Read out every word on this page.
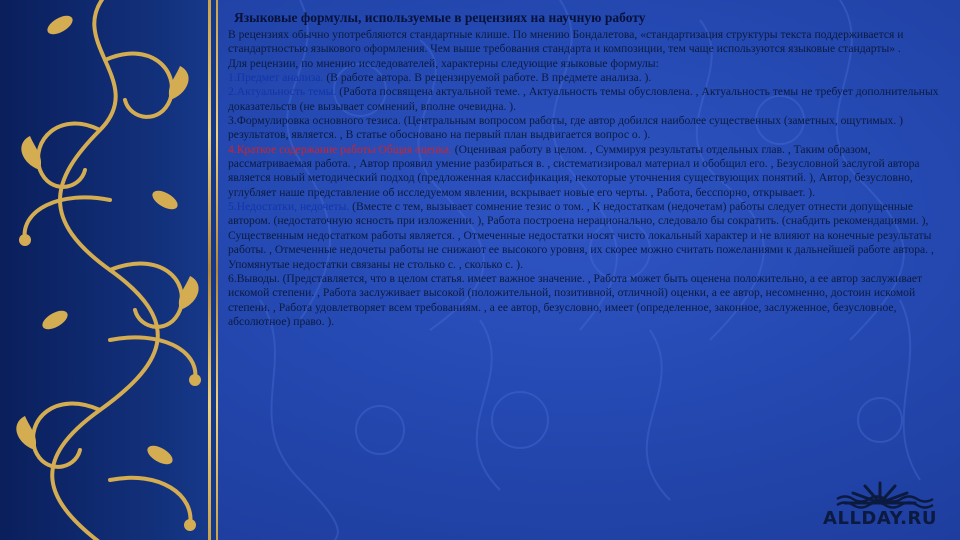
Языковые формулы, используемые в рецензиях на научную работу

В рецензиях обычно употребляются стандартные клише. По мнению Бондалетова, «стандартизация структуры текста поддерживается и стандартностью языкового оформления. Чем выше требования стандарта и композиции, тем чаще используются языковые стандарты» .

Для рецензии, по мнению исследователей, характерны следующие языковые формулы:

1.Предмет анализа. (В работе автора. В рецензируемой работе. В предмете анализа. ).

2.Актуальность темы. (Работа посвящена актуальной теме. , Актуальность темы обусловлена. , Актуальность темы не требует дополнительных доказательств (не вызывает сомнений, вполне очевидна. ).

3.Формулировка основного тезиса. (Центральным вопросом работы, где автор добился наиболее существенных (заметных, ощутимых. ) результатов, является. , В статье обосновано на первый план выдвигается вопрос о. ).

4.Краткое содержание работы Общая оценка. (Оценивая работу в целом. , Суммируя результаты отдельных глав. , Таким образом, рассматриваемая работа. , Автор проявил умение разбираться в. , систематизировал материал и обобщил его. , Безусловной заслугой автора является новый методический подход (предложенная классификация, некоторые уточнения существующих понятий. ), Автор, безусловно, углубляет наше представление об исследуемом явлении, вскрывает новые его черты. , Работа, бесспорно, открывает. ).

5.Недостатки, недочеты. (Вместе с тем, вызывает сомнение тезис о том. , К недостаткам (недочетам) работы следует отнести допущенные автором. (недостаточную ясность при изложении. ), Работа построена нерационально, следовало бы сократить. (снабдить рекомендациями. ), Существенным недостатком работы является. , Отмеченные недостатки носят чисто локальный характер и не влияют на конечные результаты работы. , Отмеченные недочеты работы не снижают ее высокого уровня, их скорее можно считать пожеланиями к дальнейшей работе автора. , Упомянутые недостатки связаны не столько с. , сколько с. ).

6.Выводы. (Представляется, что в целом статья. имеет важное значение. , Работа может быть оценена положительно, а ее автор заслуживает искомой степени. , Работа заслуживает высокой (положительной, позитивной, отличной) оценки, а ее автор, несомненно, достоин искомой степени. , Работа удовлетворяет всем требованиям. , а ее автор, безусловно, имеет (определенное, законное, заслуженное, безусловное, абсолютное) право. ).

ALLDAY.RU
